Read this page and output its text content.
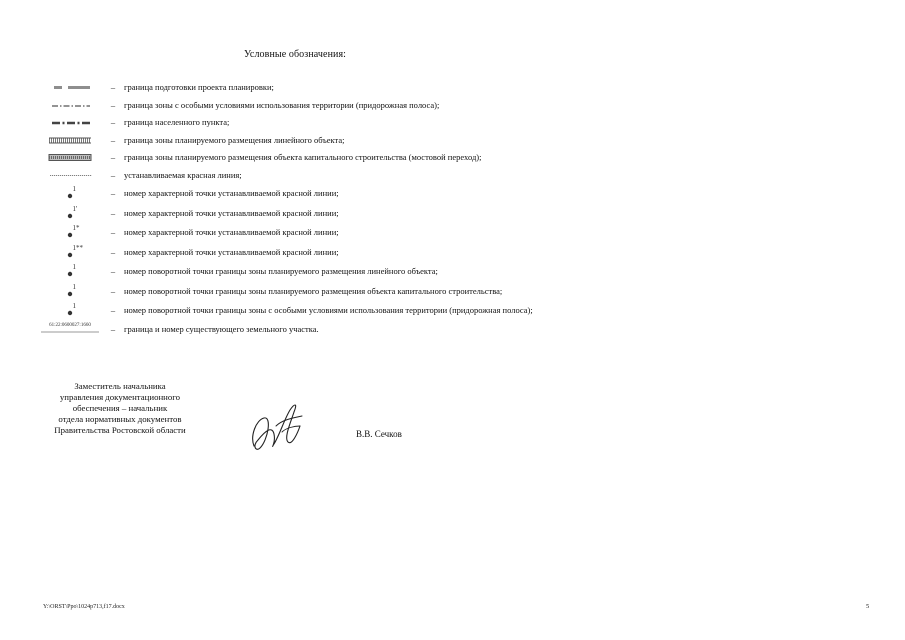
Условные обозначения:
–	граница подготовки проекта планировки;
–	граница зоны с особыми условиями использования территории (придорожная полоса);
–	граница населенного пункта;
–	граница зоны планируемого размещения линейного объекта;
–	граница зоны планируемого размещения объекта капитального строительства (мостовой переход);
–	устанавливаемая красная линия;
1	–	номер характерной точки устанавливаемой красной линии;
1'	–	номер характерной точки устанавливаемой красной линии;
1*	–	номер характерной точки устанавливаемой красной линии;
1**	–	номер характерной точки устанавливаемой красной линии;
1	–	номер поворотной точки границы зоны планируемого размещения линейного объекта;
1	–	номер поворотной точки границы зоны планируемого размещения объекта капитального строительства;
1	–	номер поворотной точки границы зоны с особыми условиями использования территории (придорожная полоса);
61:22:0600027:1660	–	граница и номер существующего земельного участка.
Заместитель начальника
управления документационного
обеспечения – начальник
отдела нормативных документов
Правительства Ростовской области	В.В. Сечков
Y:\ORST\Ppo\1024p713,f17.docx	5
